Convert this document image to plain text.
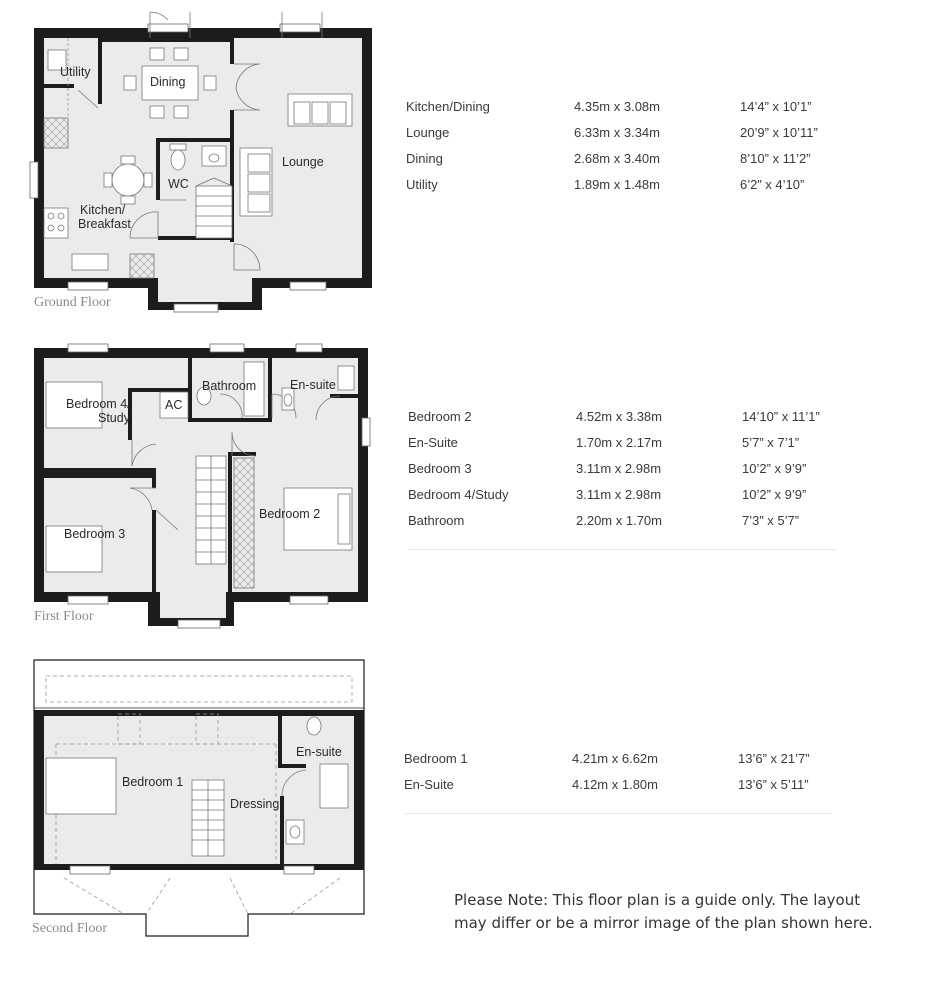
Utility
Dining
WC
Lounge
Kitchen/
Breakfast
Ground Floor
Bathroom	En-suite
Bedroom 4/
Study
AC
Bedroom 2
Bedroom 3
First Floor
En-suite
Bedroom 1
Dressing
Second Floor
Kitchen/Dining	4.35m x 3.08m	14’4” x 10’1”
Lounge	6.33m x 3.34m	20’9” x 10’11”
Dining	2.68m x 3.40m	8’10” x 11’2”
Utility	1.89m x 1.48m	6’2” x 4’10”
Bedroom 2	4.52m x 3.38m	14’10” x 11’1”
En-Suite	1.70m x 2.17m	5’7” x 7’1”
Bedroom 3	3.11m x 2.98m	10’2” x 9’9”
Bedroom 4/Study	3.11m x 2.98m	10’2” x 9’9”
Bathroom	2.20m x 1.70m	7’3” x 5’7”
Bedroom 1	4.21m x 6.62m	13’6” x 21’7”
En-Suite	4.12m x 1.80m	13’6” x 5’11”
Please Note: This floor plan is a guide only. The layout
may differ or be a mirror image of the plan shown here.
